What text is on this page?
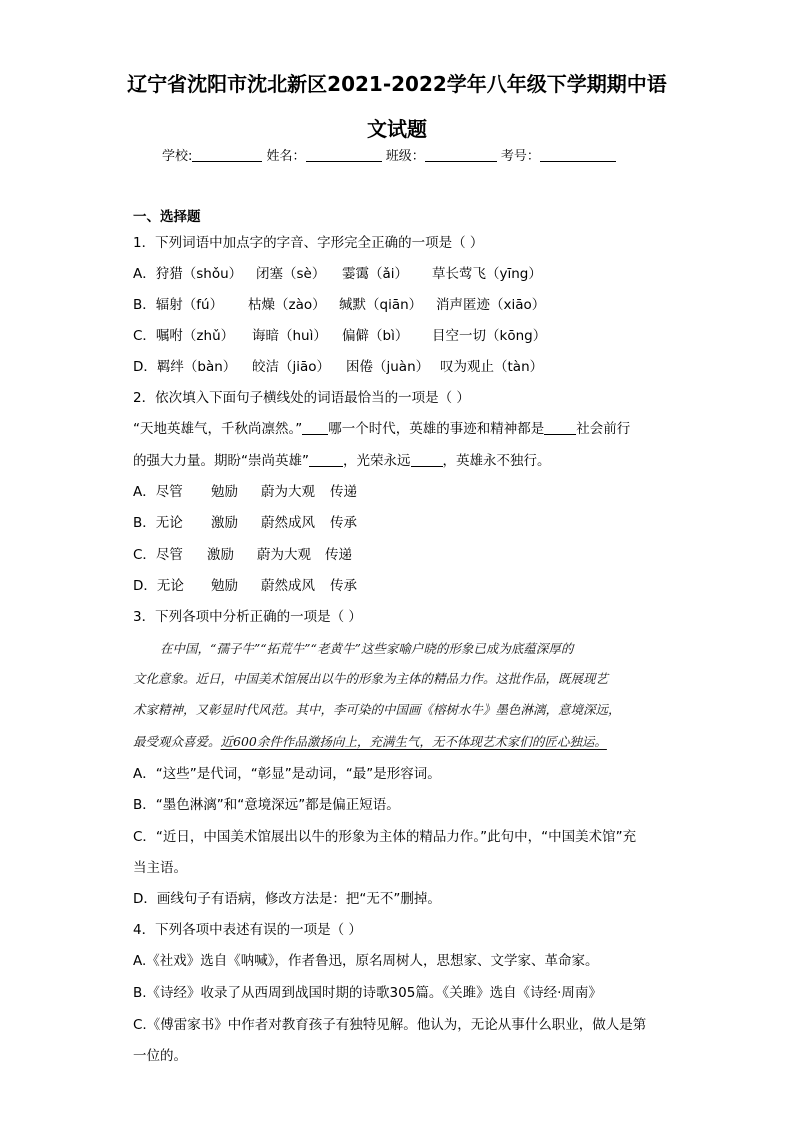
辽宁省沈阳市沈北新区2021-2022学年八年级下学期期中语
文试题
学校:	姓名：	班级：	考号：
一、选择题
1．下列词语中加点字的字音、字形完全正确的一项是（ ）
A．狩猎（shǒu） 闭塞（sè） 霎霭（ǎi） 草长莺飞（yīng）
B．辐射（fú） 枯燥（zào） 缄默（qiān） 消声匿迹（xiāo）
C．嘱咐（zhǔ） 诲暗（huì） 偏僻（bì） 目空一切（kōng）
D．羁绊（bàn） 皎洁（jiāo） 困倦（juàn） 叹为观止（tàn）
2．依次填入下面句子横线处的词语最恰当的一项是（ ）
“天地英雄气，千秋尚凛然。” 哪一个时代，英雄的事迹和精神都是 社会前行
的强大力量。期盼“崇尚英雄”	，光荣永远 ，英雄永不独行。
A．尽管 勉励 蔚为大观 传递
B．无论 激励 蔚然成风 传承
C．尽管 激励 蔚为大观 传递
D．无论 勉励 蔚然成风 传承
3．下列各项中分析正确的一项是（ ）
在中国，“孺子牛”“拓荒牛”“老黄牛”这些家喻户晓的形象已成为底蕴深厚的
文化意象。近日，中国美术馆展出以牛的形象为主体的精品力作。这批作品，既展现艺
术家精神，又彰显时代风范。其中，李可染的中国画《榕树水牛》墨色淋漓，意境深远，
最受观众喜爱。近600余件作品激扬向上，充满生气，无不体现艺术家们的匠心独运。
A．“这些”是代词，“彰显”是动词，“最”是形容词。
B．“墨色淋漓”和“意境深远”都是偏正短语。
C．“近日，中国美术馆展出以牛的形象为主体的精品力作。”此句中，“中国美术馆”充
当主语。
D．画线句子有语病，修改方法是：把“无不”删掉。
4．下列各项中表述有误的一项是（ ）
A.《社戏》选自《呐喊》，作者鲁迅，原名周树人，思想家、文学家、革命家。
B.《诗经》收录了从西周到战国时期的诗歌305篇。《关雎》选自《诗经·周南》
C.《傅雷家书》中作者对教育孩子有独特见解。他认为，无论从事什么职业，做人是第
一位的。
